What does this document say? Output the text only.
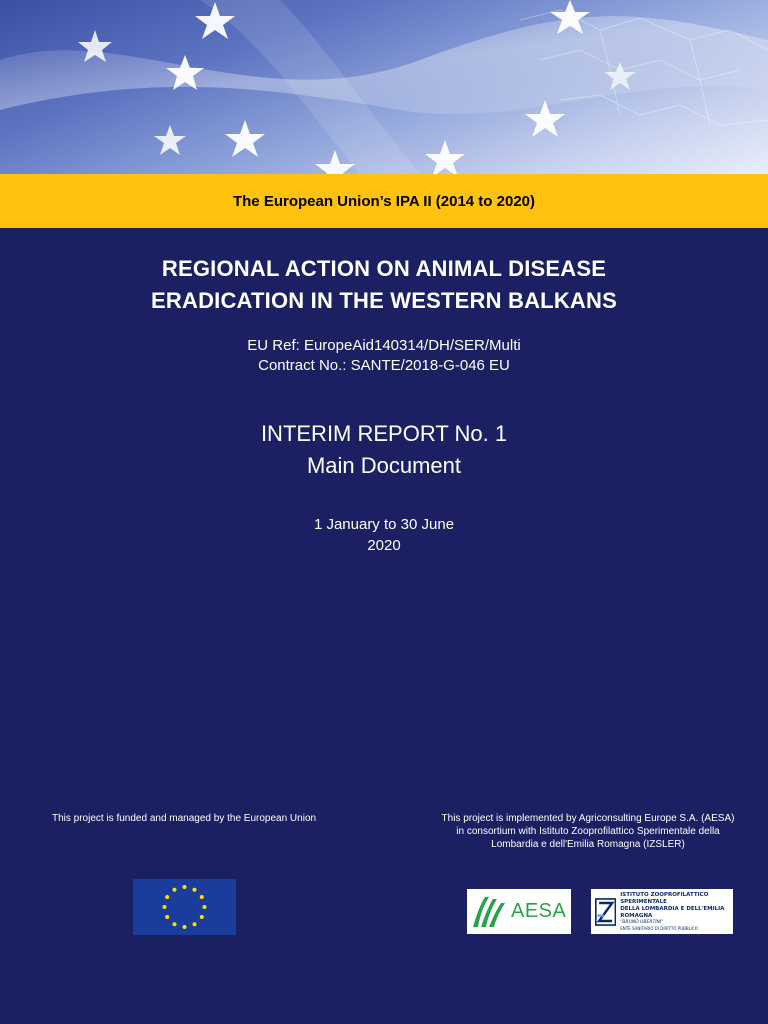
The European Union’s IPA II (2014 to 2020)
REGIONAL ACTION ON ANIMAL DISEASE
ERADICATION IN THE WESTERN BALKANS
EU Ref: EuropeAid140314/DH/SER/Multi
Contract No.: SANTE/2018-G-046 EU
INTERIM REPORT No. 1
Main Document
1 January to 30 June
2020
This project is funded and managed by the European Union	This project is implemented by Agriconsulting Europe S.A. (AESA) in consortium with Istituto Zooprofilattico Sperimentale della Lombardia e dell'Emilia Romagna (IZSLER)
AESA
ISTITUTO ZOOPROFILATTICO SPERIMENTALE
DELLA LOMBARDIA E DELL'EMILIA ROMAGNA
"BRUNO UBERTINI"
ENTE SANITARIO DI DIRITTO PUBBLICO
